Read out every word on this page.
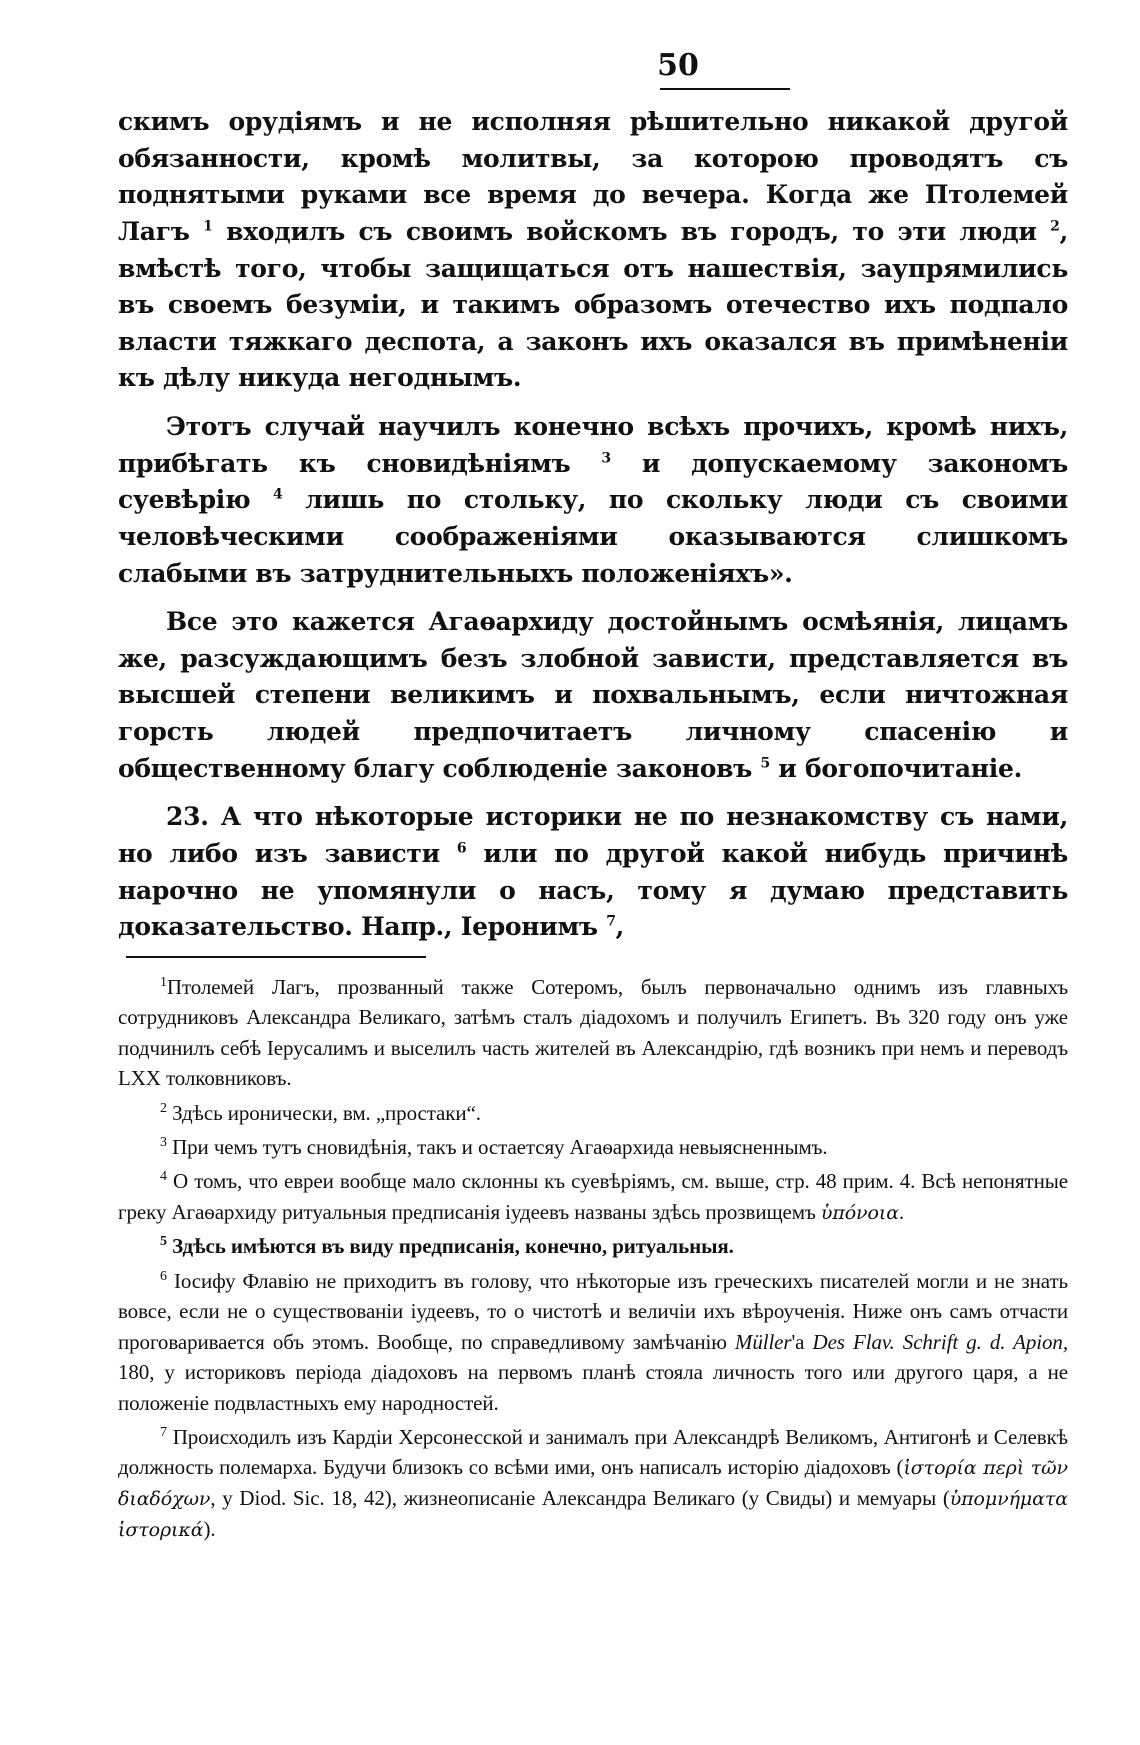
50

скимъ орудіямъ и не исполняя рѣшительно никакой другой обязанности, кромѣ молитвы, за которою проводятъ съ поднятыми руками все время до вечера. Когда же Птолемей Лагъ $^1$ входилъ съ своимъ войскомъ въ городъ, то эти люди $^2$, вмѣстѣ того, чтобы защищаться отъ нашествія, заупрямились въ своемъ безуміи, и такимъ образомъ отечество ихъ подпало власти тяжкаго деспота, а законъ ихъ оказался въ примѣненіи къ дѣлу никуда негоднымъ.

Этотъ случай научилъ конечно всѣхъ прочихъ, кромѣ нихъ, прибѣгать къ сновидѣніямъ $^3$ и допускаемому закономъ суевѣрію $^4$ лишь по стольку, по скольку люди съ своими человѣческими соображеніями оказываются слишкомъ слабыми въ затруднительныхъ положеніяхъ».

Все это кажется Агаѳархиду достойнымъ осмѣянія, лицамъ же, разсуждающимъ безъ злобной зависти, представляется въ высшей степени великимъ и похвальнымъ, если ничтожная горсть людей предпочитаетъ личному спасенію и общественному благу соблюденіе законовъ $^5$ и богопочитаніе.

23. А что нѣкоторые историки не по незнакомству съ нами, но либо изъ зависти $^6$ или по другой какой нибудь причинѣ нарочно не упомянули о насъ, тому я думаю представить доказательство. Напр., Іеронимъ $^7$,

$^1$Птолемей Лагъ, прозванный также Сотеромъ, былъ первоначально однимъ изъ главныхъ сотрудниковъ Александра Великаго, затѣмъ сталъ діадохомъ и получилъ Египетъ. Въ 320 году онъ уже подчинилъ себѣ Іерусалимъ и выселилъ часть жителей въ Александрію, гдѣ возникъ при немъ и переводъ LXX толковниковъ.

$^2$ Здѣсь иронически, вм. „простаки“.

$^3$ При чемъ тутъ сновидѣнія, такъ и остаетсяу Агаѳархида невыясненнымъ.

$^4$ О томъ, что евреи вообще мало склонны къ суевѣріямъ, см. выше, стр. 48 прим. 4. Всѣ непонятные греку Агаѳархиду ритуальныя предписанія іудеевъ названы здѣсь прозвищемъ ὑπόνοια.

$^5$ Здѣсь имѣются въ виду предписанія, конечно, ритуальныя.

$^6$ Іосифу Флавію не приходитъ въ голову, что нѣкоторые изъ греческихъ писателей могли и не знать вовсе, если не о существованіи іудеевъ, то о чистотѣ и величіи ихъ вѣроученія. Ниже онъ самъ отчасти проговаривается объ этомъ. Вообще, по справедливому замѣчанію Müller'а Des Flav. Schrift g. d. Apion, 180, у историковъ періода діадоховъ на первомъ планѣ стояла личность того или другого царя, а не положеніе подвластныхъ ему народностей.

$^7$ Происходилъ изъ Кардіи Херсонесской и занималъ при Александрѣ Великомъ, Антигонѣ и Селевкѣ должность полемарха. Будучи близокъ со всѣми ими, онъ написалъ исторію діадоховъ (ἱστορία περὶ τῶν διαδόχων, у Diod. Sic. 18, 42), жизнеописаніе Александра Великаго (у Свиды) и мемуары (ὑπομνήματα ἱστορικά).
